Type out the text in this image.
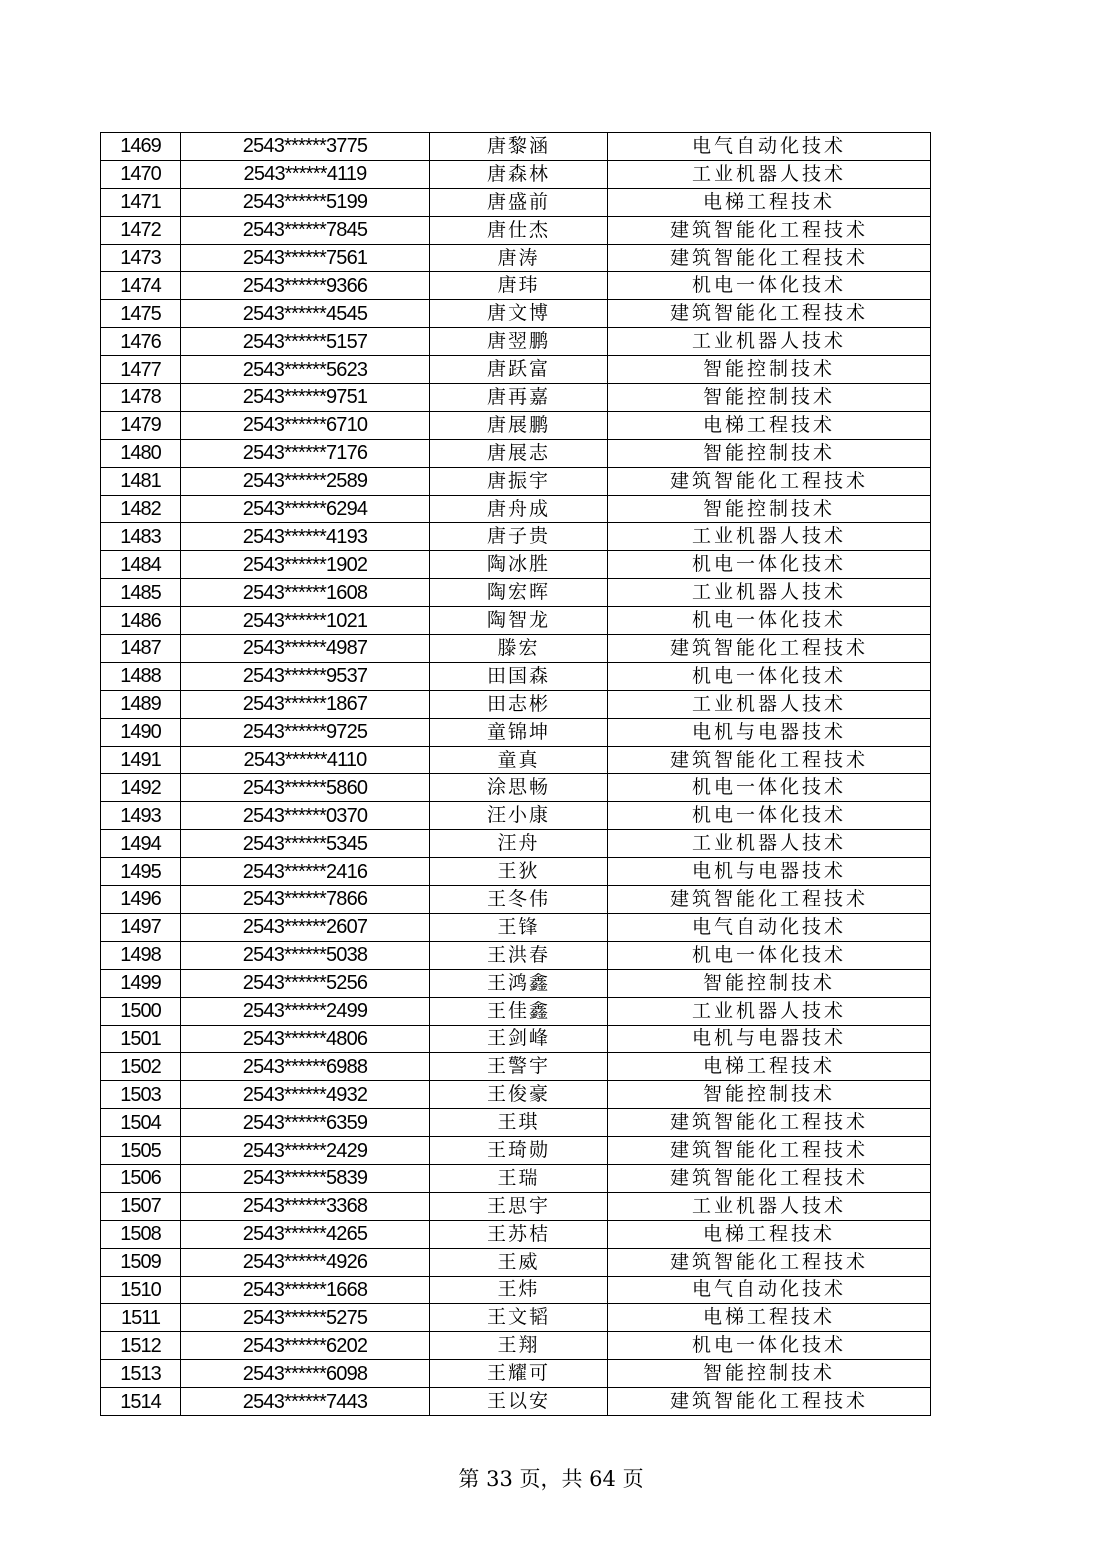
1469	2543******3775	唐黎涵	电气自动化技术
1470	2543******4119	唐森林	工业机器人技术
1471	2543******5199	唐盛前	电梯工程技术
1472	2543******7845	唐仕杰	建筑智能化工程技术
1473	2543******7561	唐涛	建筑智能化工程技术
1474	2543******9366	唐玮	机电一体化技术
1475	2543******4545	唐文博	建筑智能化工程技术
1476	2543******5157	唐翌鹏	工业机器人技术
1477	2543******5623	唐跃富	智能控制技术
1478	2543******9751	唐再嘉	智能控制技术
1479	2543******6710	唐展鹏	电梯工程技术
1480	2543******7176	唐展志	智能控制技术
1481	2543******2589	唐振宇	建筑智能化工程技术
1482	2543******6294	唐舟成	智能控制技术
1483	2543******4193	唐子贵	工业机器人技术
1484	2543******1902	陶冰胜	机电一体化技术
1485	2543******1608	陶宏晖	工业机器人技术
1486	2543******1021	陶智龙	机电一体化技术
1487	2543******4987	滕宏	建筑智能化工程技术
1488	2543******9537	田国森	机电一体化技术
1489	2543******1867	田志彬	工业机器人技术
1490	2543******9725	童锦坤	电机与电器技术
1491	2543******4110	童真	建筑智能化工程技术
1492	2543******5860	涂思畅	机电一体化技术
1493	2543******0370	汪小康	机电一体化技术
1494	2543******5345	汪舟	工业机器人技术
1495	2543******2416	王狄	电机与电器技术
1496	2543******7866	王冬伟	建筑智能化工程技术
1497	2543******2607	王锋	电气自动化技术
1498	2543******5038	王洪春	机电一体化技术
1499	2543******5256	王鸿鑫	智能控制技术
1500	2543******2499	王佳鑫	工业机器人技术
1501	2543******4806	王剑峰	电机与电器技术
1502	2543******6988	王警宇	电梯工程技术
1503	2543******4932	王俊豪	智能控制技术
1504	2543******6359	王琪	建筑智能化工程技术
1505	2543******2429	王琦勋	建筑智能化工程技术
1506	2543******5839	王瑞	建筑智能化工程技术
1507	2543******3368	王思宇	工业机器人技术
1508	2543******4265	王苏桔	电梯工程技术
1509	2543******4926	王威	建筑智能化工程技术
1510	2543******1668	王炜	电气自动化技术
1511	2543******5275	王文韬	电梯工程技术
1512	2543******6202	王翔	机电一体化技术
1513	2543******6098	王耀可	智能控制技术
1514	2543******7443	王以安	建筑智能化工程技术
第 33 页，共 64 页
